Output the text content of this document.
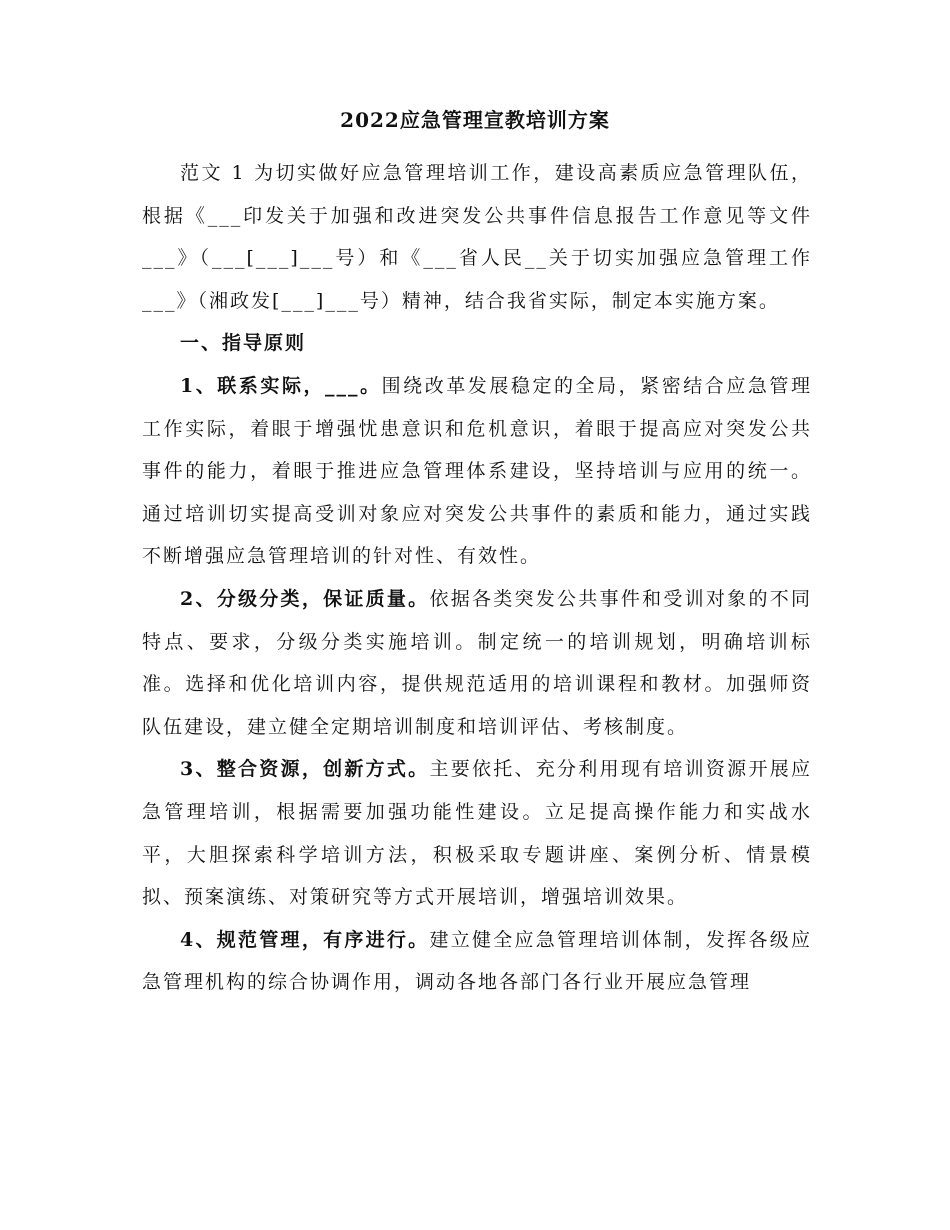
2022应急管理宣教培训方案

范文 1 为切实做好应急管理培训工作，建设高素质应急管理队伍，根据《___印发关于加强和改进突发公共事件信息报告工作意见等文件___》（___[___]___号）和《___省人民__关于切实加强应急管理工作___》（湘政发[___]___号）精神，结合我省实际，制定本实施方案。

一、指导原则

1、联系实际，___。围绕改革发展稳定的全局，紧密结合应急管理工作实际，着眼于增强忧患意识和危机意识，着眼于提高应对突发公共事件的能力，着眼于推进应急管理体系建设，坚持培训与应用的统一。通过培训切实提高受训对象应对突发公共事件的素质和能力，通过实践不断增强应急管理培训的针对性、有效性。

2、分级分类，保证质量。依据各类突发公共事件和受训对象的不同特点、要求，分级分类实施培训。制定统一的培训规划，明确培训标准。选择和优化培训内容，提供规范适用的培训课程和教材。加强师资队伍建设，建立健全定期培训制度和培训评估、考核制度。

3、整合资源，创新方式。主要依托、充分利用现有培训资源开展应急管理培训，根据需要加强功能性建设。立足提高操作能力和实战水平，大胆探索科学培训方法，积极采取专题讲座、案例分析、情景模拟、预案演练、对策研究等方式开展培训，增强培训效果。

4、规范管理，有序进行。建立健全应急管理培训体制，发挥各级应急管理机构的综合协调作用，调动各地各部门各行业开展应急管理
